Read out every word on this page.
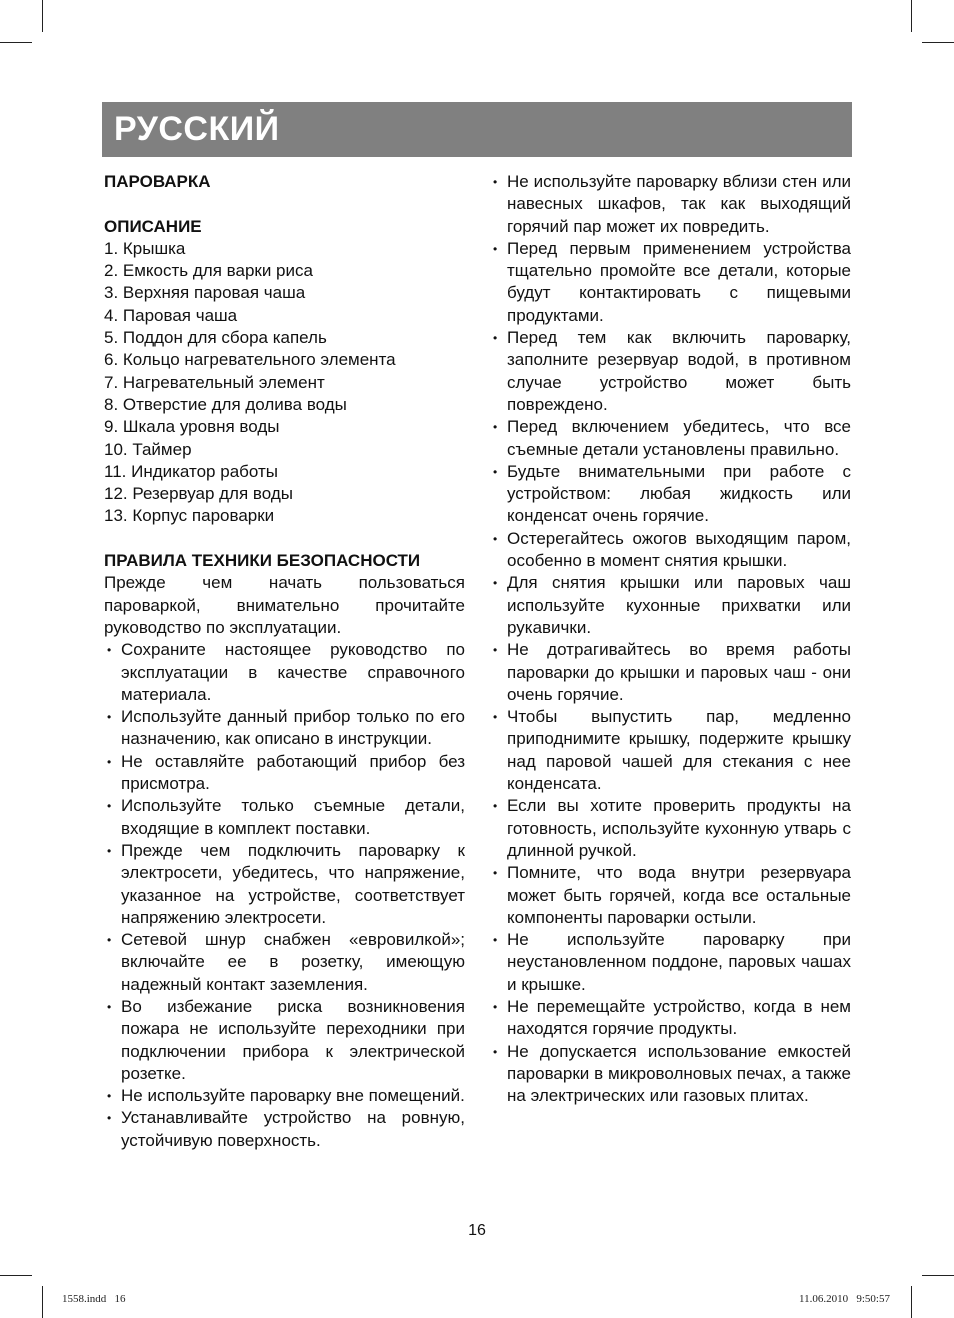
РУССКИЙ

ПАРОВАРКА

ОПИСАНИЕ

1. Крышка

2. Емкость для варки риса

3. Верхняя паровая чаша

4. Паровая чаша

5. Поддон для сбора капель

6. Кольцо нагревательного элемента

7. Нагревательный элемент

8. Отверстие для долива воды

9. Шкала уровня воды

10. Таймер

11. Индикатор работы

12. Резервуар для воды

13. Корпус пароварки

ПРАВИЛА ТЕХНИКИ БЕЗОПАСНОСТИ

Прежде чем начать пользоваться пароваркой, внимательно прочитайте руководство по эксплуатации.

• Сохраните настоящее руководство по эксплуатации в качестве справочного материала.
• Используйте данный прибор только по его назначению, как описано в инструкции.
• Не оставляйте работающий прибор без присмотра.
• Используйте только съемные детали, входящие в комплект поставки.
• Прежде чем подключить пароварку к электросети, убедитесь, что напряжение, указанное на устройстве, соответствует напряжению электросети.
• Сетевой шнур снабжен «евровилкой»; включайте ее в розетку, имеющую надежный контакт заземления.
• Во избежание риска возникновения пожара не используйте переходники при подключении прибора к электрической розетке.
• Не используйте пароварку вне помещений.
• Устанавливайте устройство на ровную, устойчивую поверхность.
• Не используйте пароварку вблизи стен или навесных шкафов, так как выходящий горячий пар может их повредить.
• Перед первым применением устройства тщательно промойте все детали, которые будут контактировать с пищевыми продуктами.
• Перед тем как включить пароварку, заполните резервуар водой, в противном случае устройство может быть повреждено.
• Перед включением убедитесь, что все съемные детали установлены правильно.
• Будьте внимательными при работе с устройством: любая жидкость или конденсат очень горячие.
• Остерегайтесь ожогов выходящим паром, особенно в момент снятия крышки.
• Для снятия крышки или паровых чаш используйте кухонные прихватки или рукавички.
• Не дотрагивайтесь во время работы пароварки до крышки и паровых чаш - они очень горячие.
• Чтобы выпустить пар, медленно приподнимите крышку, подержите крышку над паровой чашей для стекания с нее конденсата.
• Если вы хотите проверить продукты на готовность, используйте кухонную утварь с длинной ручкой.
• Помните, что вода внутри резервуара может быть горячей, когда все остальные компоненты пароварки остыли.
• Не используйте пароварку при неустановленном поддоне, паровых чашах и крышке.
• Не перемещайте устройство, когда в нем находятся горячие продукты.
• Не допускается использование емкостей пароварки в микроволновых печах, а также на электрических или газовых плитах.
16
1558.indd   16	11.06.2010   9:50:57
